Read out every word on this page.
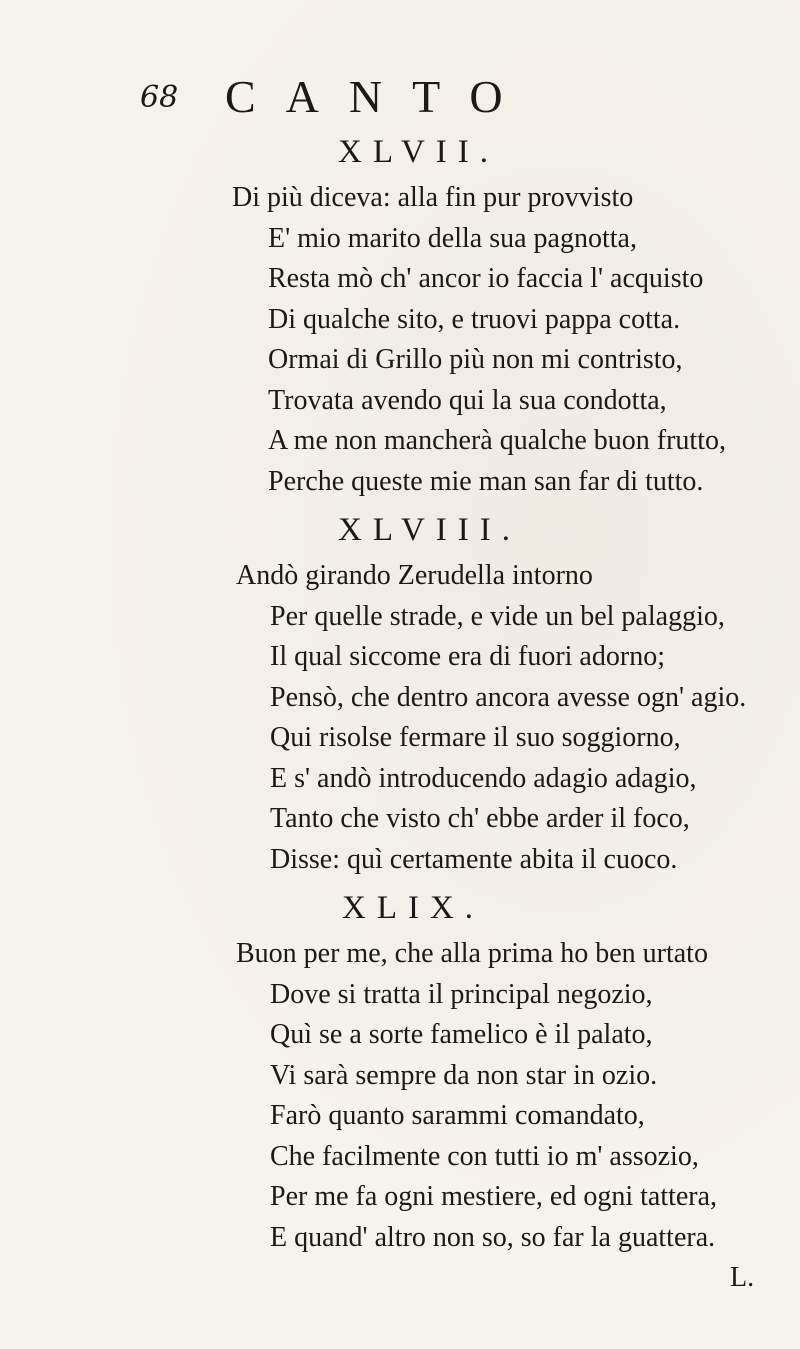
68 CANTO
XLVII.
Di più diceva: alla fin pur provvisto
E' mio marito della sua pagnotta,
Resta mò ch' ancor io faccia l' acquisto
Di qualche sito, e truovi pappa cotta.
Ormai di Grillo più non mi contristo,
Trovata avendo qui la sua condotta,
A me non mancherà qualche buon frutto,
Perche queste mie man san far di tutto.
XLVIII.
Andò girando Zerudella intorno
Per quelle strade, e vide un bel palaggio,
Il qual siccome era di fuori adorno;
Pensò, che dentro ancora avesse ogn' agio.
Qui risolse fermare il suo soggiorno,
E s' andò introducendo adagio adagio,
Tanto che visto ch' ebbe arder il foco,
Disse: quì certamente abita il cuoco.
XLIX.
Buon per me, che alla prima ho ben urtato
Dove si tratta il principal negozio,
Quì se a sorte famelico è il palato,
Vi sarà sempre da non star in ozio.
Farò quanto sarammi comandato,
Che facilmente con tutti io m' assozio,
Per me fa ogni mestiere, ed ogni tattera,
E quand' altro non so, so far la guattera.
L.
